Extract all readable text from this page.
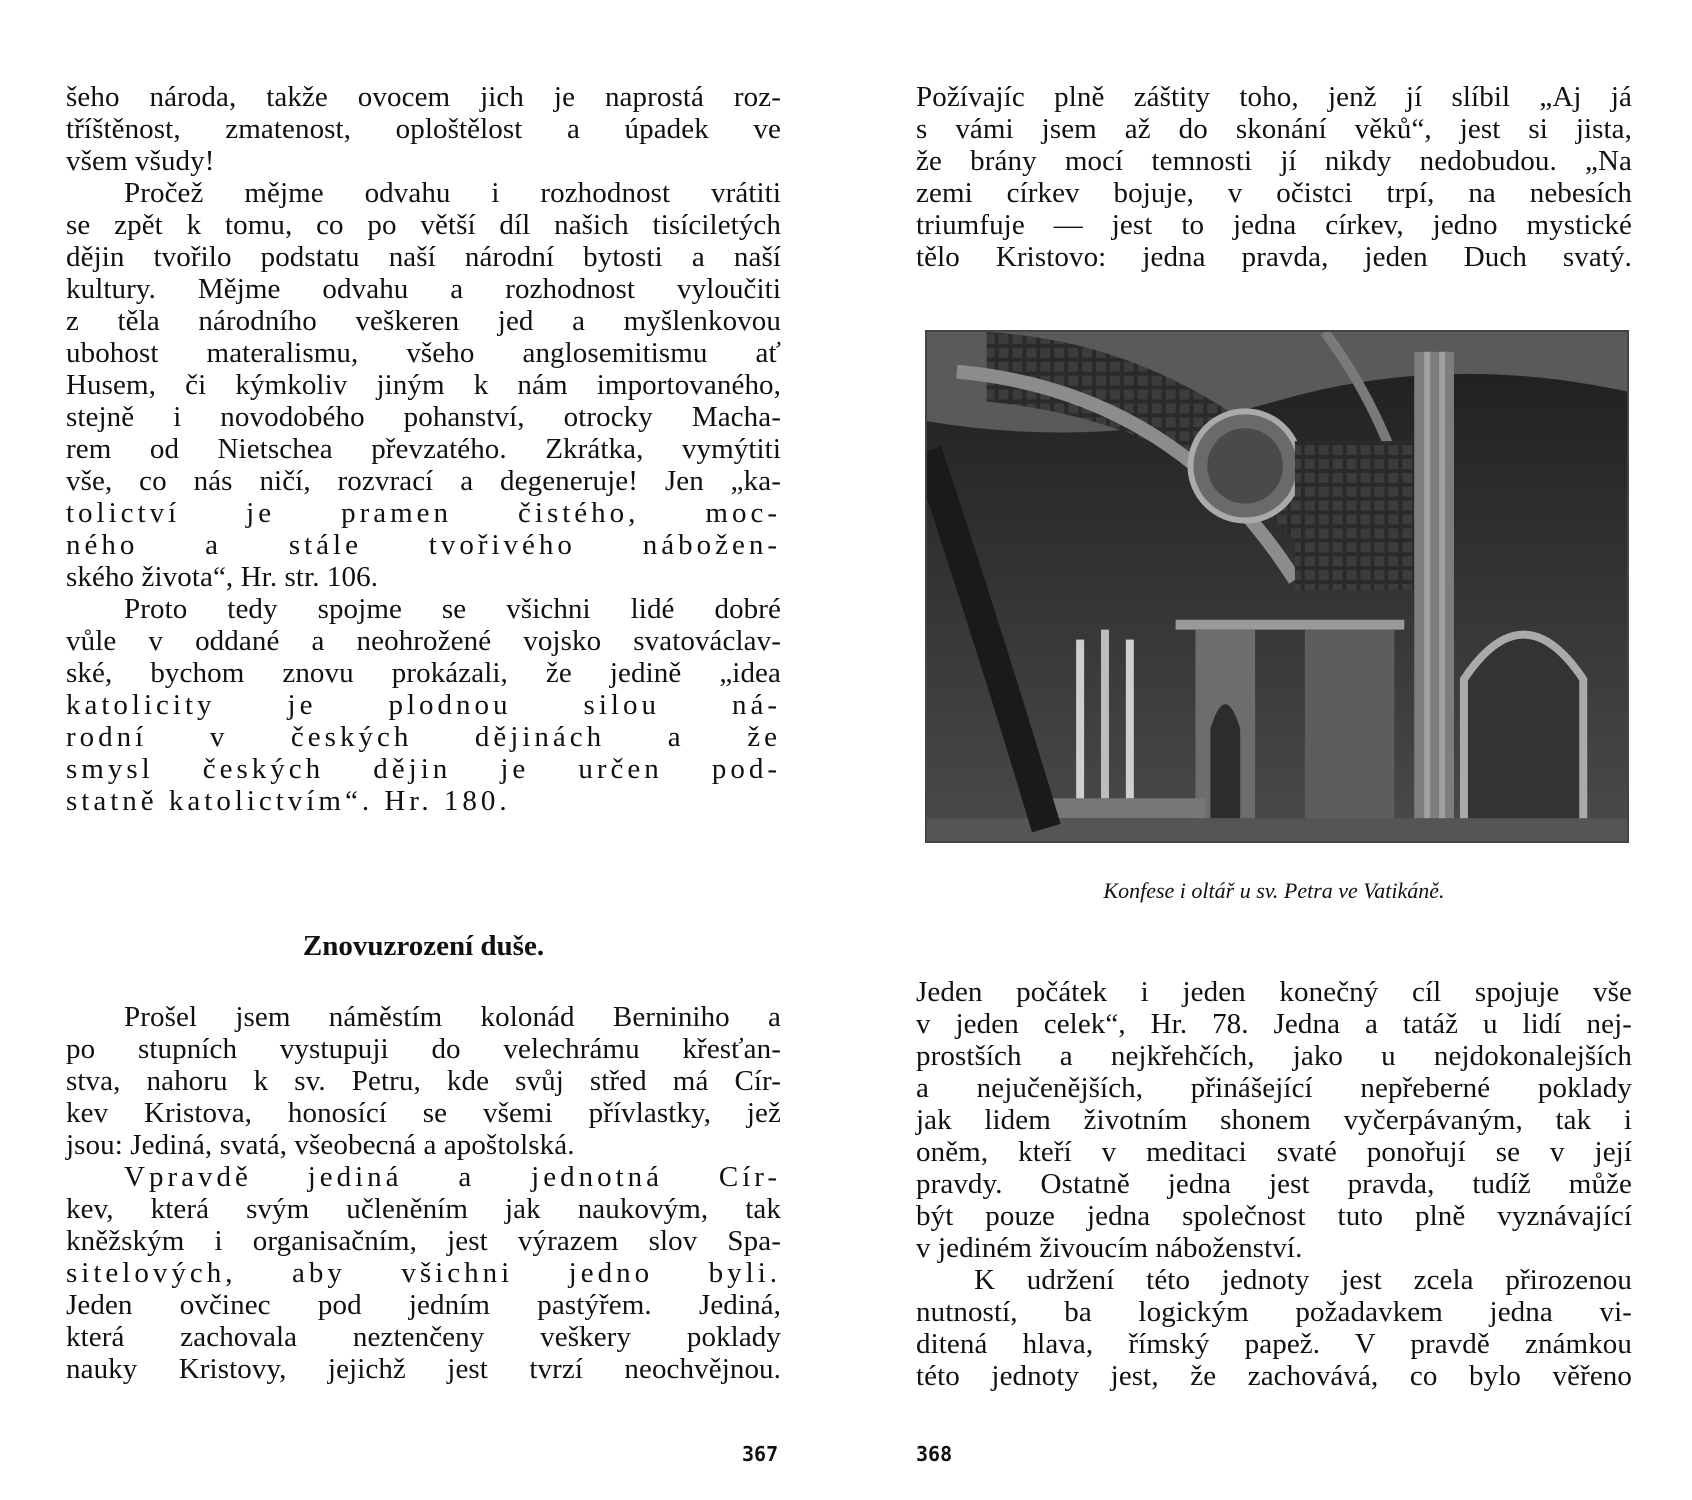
šeho národa, takže ovocem jich je naprostá roz-
tříštěnost, zmatenost, oploštělost a úpadek ve
všem všudy!
Pročež mějme odvahu i rozhodnost vrátiti
se zpět k tomu, co po větší díl našich tisíciletých
dějin tvořilo podstatu naší národní bytosti a naší
kultury. Mějme odvahu a rozhodnost vyloučiti
z těla národního veškeren jed a myšlenkovou
ubohost materalismu, všeho anglosemitismu ať
Husem, či kýmkoliv jiným k nám importovaného,
stejně i novodobého pohanství, otrocky Macha-
rem od Nietschea převzatého. Zkrátka, vymýtiti
vše, co nás ničí, rozvrací a degeneruje! Jen „ka-
tolictví je pramen čistého, moc-
ného a stále tvořivého nábožen-
ského života“, Hr. str. 106.
Proto tedy spojme se všichni lidé dobré
vůle v oddané a neohrožené vojsko svatováclav-
ské, bychom znovu prokázali, že jedině „idea
katolicity je plodnou silou ná-
rodní v českých dějinách a že
smysl českých dějin je určen pod-
statně katolictvím“. Hr. 180.
Znovuzrození duše.
Prošel jsem náměstím kolonád Berniniho a
po stupních vystupuji do velechrámu křesťan-
stva, nahoru k sv. Petru, kde svůj střed má Cír-
kev Kristova, honosící se všemi přívlastky, jež
jsou: Jediná, svatá, všeobecná a apoštolská.
Vpravdě jediná a jednotná Cír-
kev, která svým učleněním jak naukovým, tak
kněžským i organisačním, jest výrazem slov Spa-
sitelových, aby všichni jedno byli.
Jeden ovčinec pod jedním pastýřem. Jediná,
která zachovala neztenčeny veškery poklady
nauky Kristovy, jejichž jest tvrzí neochvějnou.
367
Požívajíc plně záštity toho, jenž jí slíbil „Aj já
s vámi jsem až do skonání věků“, jest si jista,
že brány mocí temnosti jí nikdy nedobudou. „Na
zemi církev bojuje, v očistci trpí, na nebesích
triumfuje — jest to jedna církev, jedno mystické
tělo Kristovo: jedna pravda, jeden Duch svatý.
Konfese i oltář u sv. Petra ve Vatikáně.
Jeden počátek i jeden konečný cíl spojuje vše
v jeden celek“, Hr. 78. Jedna a tatáž u lidí nej-
prostších a nejkřehčích, jako u nejdokonalejších
a nejučenějších, přinášející nepřeberné poklady
jak lidem životním shonem vyčerpávaným, tak i
oněm, kteří v meditaci svaté ponořují se v její
pravdy. Ostatně jedna jest pravda, tudíž může
být pouze jedna společnost tuto plně vyznávající
v jediném živoucím náboženství.
K udržení této jednoty jest zcela přirozenou
nutností, ba logickým požadavkem jedna vi-
ditená hlava, římský papež. V pravdě známkou
této jednoty jest, že zachovává, co bylo věřeno
368
